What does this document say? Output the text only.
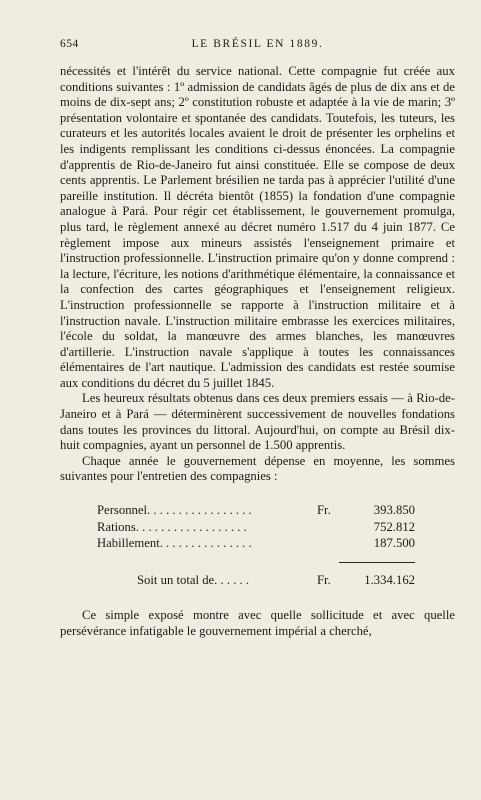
654	LE BRÉSIL EN 1889.

nécessités et l'intérêt du service national. Cette compagnie fut créée aux conditions suivantes : 1º admission de candidats âgés de plus de dix ans et de moins de dix-sept ans; 2º constitution robuste et adaptée à la vie de marin; 3º présentation volontaire et spontanée des candidats. Toutefois, les tuteurs, les curateurs et les autorités locales avaient le droit de présenter les orphelins et les indigents remplissant les conditions ci-dessus énoncées. La compagnie d'apprentis de Rio-de-Janeiro fut ainsi constituée. Elle se compose de deux cents apprentis. Le Parlement brésilien ne tarda pas à apprécier l'utilité d'une pareille institution. Il décréta bientôt (1855) la fondation d'une compagnie analogue à Pará. Pour régir cet établissement, le gouvernement promulga, plus tard, le règlement annexé au décret numéro 1.517 du 4 juin 1877. Ce règlement impose aux mineurs assistés l'enseignement primaire et l'instruction professionnelle. L'instruction primaire qu'on y donne comprend : la lecture, l'écriture, les notions d'arithmétique élémentaire, la connaissance et la confection des cartes géographiques et l'enseignement religieux. L'instruction professionnelle se rapporte à l'instruction militaire et à l'instruction navale. L'instruction militaire embrasse les exercices militaires, l'école du soldat, la manœuvre des armes blanches, les manœuvres d'artillerie. L'instruction navale s'applique à toutes les connaissances élémentaires de l'art nautique. L'admission des candidats est restée soumise aux conditions du décret du 5 juillet 1845.

Les heureux résultats obtenus dans ces deux premiers essais — à Rio-de-Janeiro et à Pará — déterminèrent successivement de nouvelles fondations dans toutes les provinces du littoral. Aujourd'hui, on compte au Brésil dix-huit compagnies, ayant un personnel de 1.500 apprentis.

Chaque année le gouvernement dépense en moyenne, les sommes suivantes pour l'entretien des compagnies :

Personnel. . . . . . . . . . . . . . . . .	Fr.	393.850
Rations. . . . . . . . . . . . . . . . . .	752.812
Habillement. . . . . . . . . . . . . . .	187.500
Soit un total de. . . . . .	Fr.	1.334.162

Ce simple exposé montre avec quelle sollicitude et avec quelle persévérance infatigable le gouvernement impérial a cherché,
